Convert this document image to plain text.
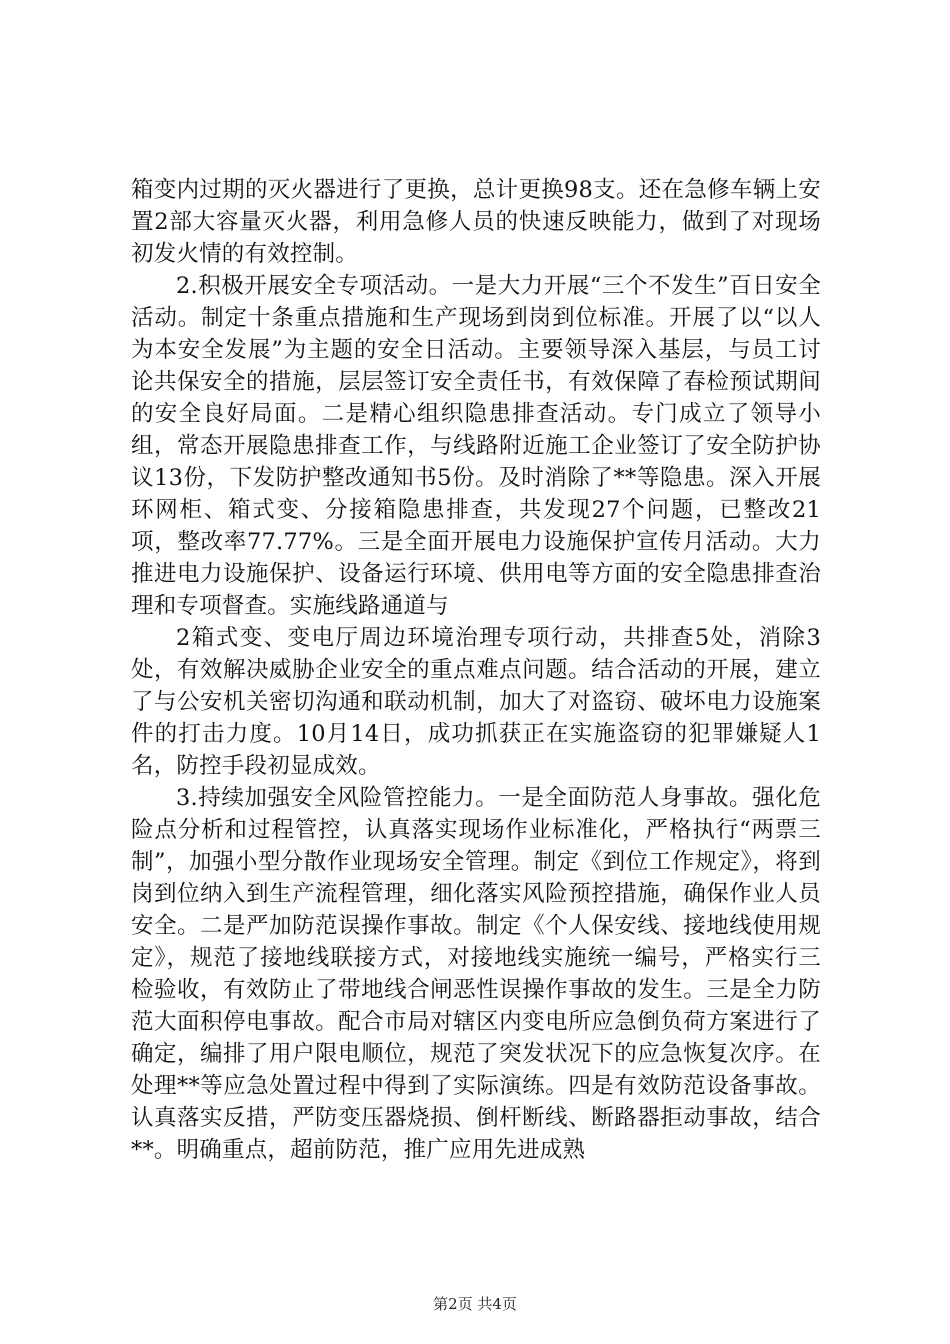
箱变内过期的灭火器进行了更换，总计更换98支。还在急修车辆上安置2部大容量灭火器，利用急修人员的快速反映能力，做到了对现场初发火情的有效控制。

2.积极开展安全专项活动。一是大力开展“三个不发生”百日安全活动。制定十条重点措施和生产现场到岗到位标准。开展了以“以人为本安全发展”为主题的安全日活动。主要领导深入基层，与员工讨论共保安全的措施，层层签订安全责任书，有效保障了春检预试期间的安全良好局面。二是精心组织隐患排查活动。专门成立了领导小组，常态开展隐患排查工作，与线路附近施工企业签订了安全防护协议13份，下发防护整改通知书5份。及时消除了**等隐患。深入开展环网柜、箱式变、分接箱隐患排查，共发现27个问题，已整改21项，整改率77.77%。三是全面开展电力设施保护宣传月活动。大力推进电力设施保护、设备运行环境、供用电等方面的安全隐患排查治理和专项督查。实施线路通道与

2箱式变、变电厅周边环境治理专项行动，共排查5处，消除3处，有效解决威胁企业安全的重点难点问题。结合活动的开展，建立了与公安机关密切沟通和联动机制，加大了对盗窃、破坏电力设施案件的打击力度。10月14日，成功抓获正在实施盗窃的犯罪嫌疑人1名，防控手段初显成效。

3.持续加强安全风险管控能力。一是全面防范人身事故。强化危险点分析和过程管控，认真落实现场作业标准化，严格执行“两票三制”，加强小型分散作业现场安全管理。制定《到位工作规定》，将到岗到位纳入到生产流程管理，细化落实风险预控措施，确保作业人员安全。二是严加防范误操作事故。制定《个人保安线、接地线使用规定》，规范了接地线联接方式，对接地线实施统一编号，严格实行三检验收，有效防止了带地线合闸恶性误操作事故的发生。三是全力防范大面积停电事故。配合市局对辖区内变电所应急倒负荷方案进行了确定，编排了用户限电顺位，规范了突发状况下的应急恢复次序。在处理**等应急处置过程中得到了实际演练。四是有效防范设备事故。认真落实反措，严防变压器烧损、倒杆断线、断路器拒动事故，结合**。明确重点，超前防范，推广应用先进成熟

第2页 共4页
